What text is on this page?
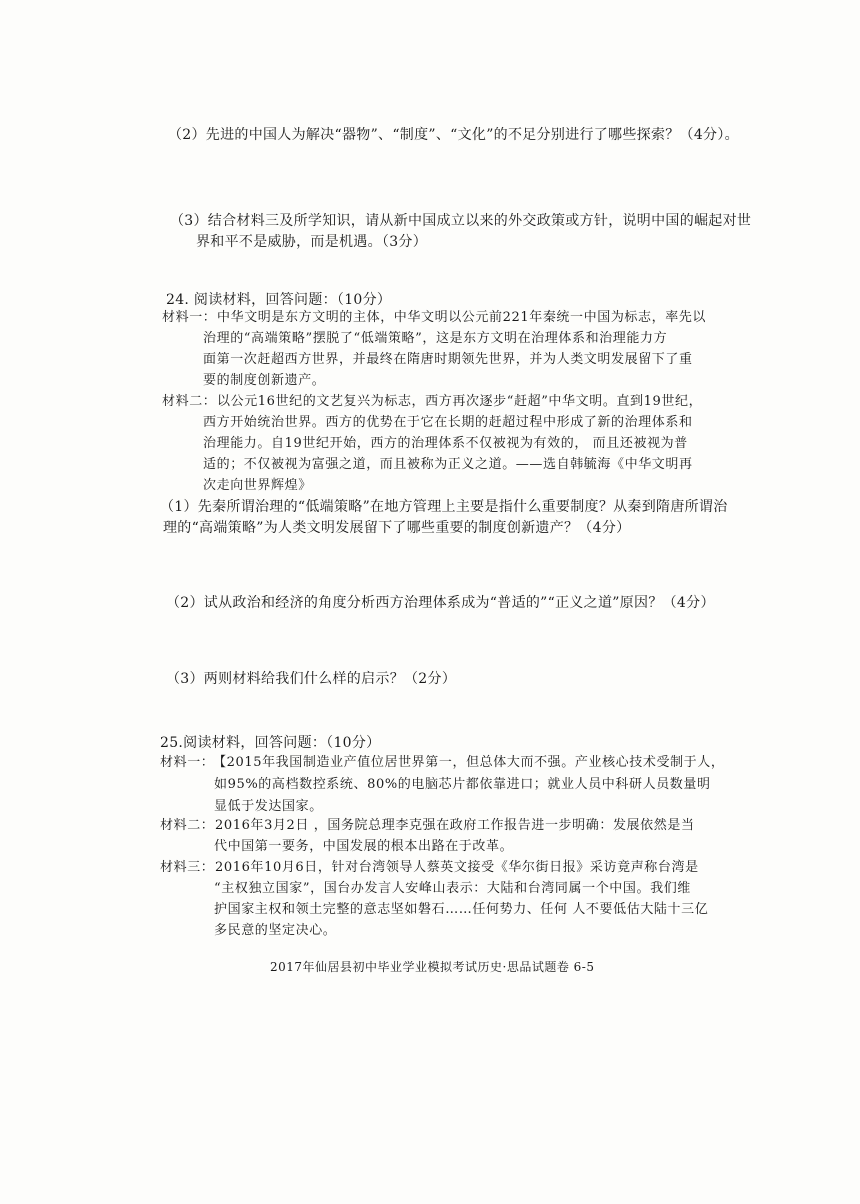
（2）先进的中国人为解决“器物”、“制度”、“文化”的不足分别进行了哪些探索？（4分）。
（3）结合材料三及所学知识，请从新中国成立以来的外交政策或方针，说明中国的崛起对世
界和平不是威胁，而是机遇。（3分）
24. 阅读材料，回答问题：（10分）
材料一： 中华文明是东方文明的主体，中华文明以公元前221年秦统一中国为标志，率先以
治理的“高端策略”摆脱了“低端策略”，这是东方文明在治理体系和治理能力方
面第一次赶超西方世界，并最终在隋唐时期领先世界，并为人类文明发展留下了重
要的制度创新遗产。
材料二： 以公元16世纪的文艺复兴为标志，西方再次逐步“赶超”中华文明。直到19世纪，
西方开始统治世界。西方的优势在于它在长期的赶超过程中形成了新的治理体系和
治理能力。自19世纪开始，西方的治理体系不仅被视为有效的， 而且还被视为普
适的；不仅被视为富强之道，而且被称为正义之道。——选自韩毓海《中华文明再
次走向世界辉煌》
（1）先秦所谓治理的“低端策略”在地方管理上主要是指什么重要制度？从秦到隋唐所谓治
理的“高端策略”为人类文明发展留下了哪些重要的制度创新遗产？（4分）
（2）试从政治和经济的角度分析西方治理体系成为“普适的”“正义之道”原因？（4分）
（3）两则材料给我们什么样的启示？（2分）
25.阅读材料，回答问题：（10分）
材料一：
【2015年我国制造业产值位居世界第一，但总体大而不强。产业核心技术受制于人，
如95%的高档数控系统、80%的电脑芯片都依靠进口；就业人员中科研人员数量明
显低于发达国家。
材料二： 2016年3月2日 ，国务院总理李克强在政府工作报告进一步明确：发展依然是当
代中国第一要务，中国发展的根本出路在于改革。
材料三： 2016年10月6日，针对台湾领导人蔡英文接受《华尔街日报》采访竟声称台湾是
“主权独立国家”，国台办发言人安峰山表示：大陆和台湾同属一个中国。我们维
护国家主权和领土完整的意志坚如磐石……任何势力、任何 人不要低估大陆十三亿
多民意的坚定决心。
2017年仙居县初中毕业学业模拟考试历史·思品试题卷 6-5
